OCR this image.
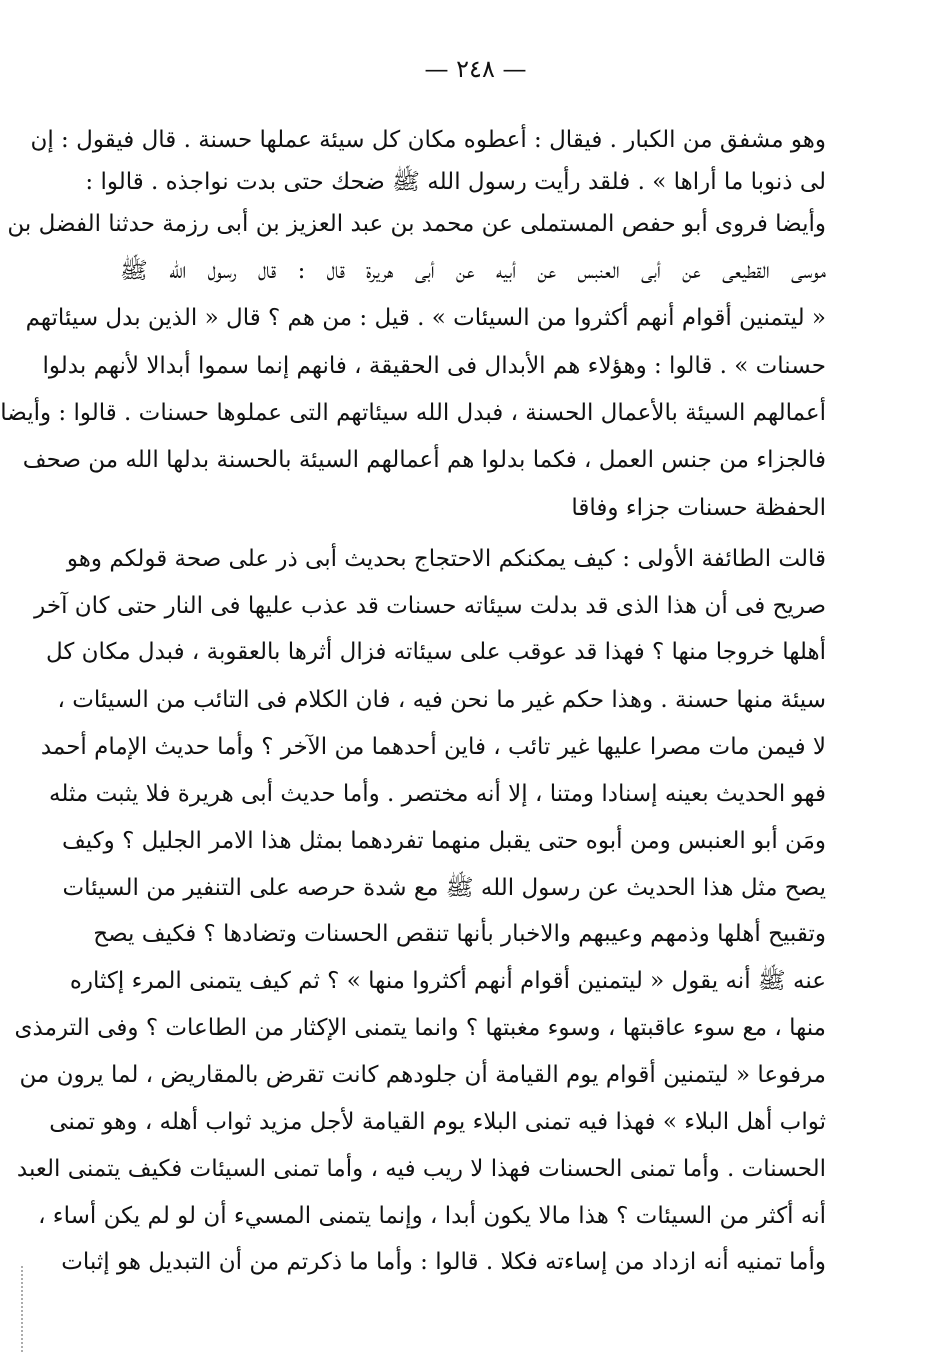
— ٢٤٨ —
وهو مشفق من الكبار . فيقال : أعطوه مكان كل سيئة عملها حسنة . قال فيقول : إن
لى ذنوبا ما أراها » . فلقد رأيت رسول الله ﷺ ضحك حتى بدت نواجذه . قالوا :
وأيضا فروى أبو حفص المستملى عن محمد بن عبد العزيز بن أبى رزمة حدثنا الفضل بن
موسى القطيعى عن أبى العنبس عن أبيه عن أبى هريرة قال : قال رسول الله ﷺ
« ليتمنين أقوام أنهم أكثروا من السيئات » . قيل : من هم ؟ قال « الذين بدل سيئاتهم
حسنات » . قالوا : وهؤلاء هم الأبدال فى الحقيقة ، فانهم إنما سموا أبدالا لأنهم بدلوا
أعمالهم السيئة بالأعمال الحسنة ، فبدل الله سيئاتهم التى عملوها حسنات . قالوا : وأيضا
فالجزاء من جنس العمل ، فكما بدلوا هم أعمالهم السيئة بالحسنة بدلها الله من صحف
الحفظة حسنات جزاء وفاقا
قالت الطائفة الأولى : كيف يمكنكم الاحتجاج بحديث أبى ذر على صحة قولكم وهو
صريح فى أن هذا الذى قد بدلت سيئاته حسنات قد عذب عليها فى النار حتى كان آخر
أهلها خروجا منها ؟ فهذا قد عوقب على سيئاته فزال أثرها بالعقوبة ، فبدل مكان كل
سيئة منها حسنة . وهذا حكم غير ما نحن فيه ، فان الكلام فى التائب من السيئات ،
لا فيمن مات مصرا عليها غير تائب ، فاين أحدهما من الآخر ؟ وأما حديث الإمام أحمد
فهو الحديث بعينه إسنادا ومتنا ، إلا أنه مختصر . وأما حديث أبى هريرة فلا يثبت مثله
ومَن أبو العنبس ومن أبوه حتى يقبل منهما تفردهما بمثل هذا الامر الجليل ؟ وكيف
يصح مثل هذا الحديث عن رسول الله ﷺ مع شدة حرصه على التنفير من السيئات
وتقبيح أهلها وذمهم وعيبهم والاخبار بأنها تنقص الحسنات وتضادها ؟ فكيف يصح
عنه ﷺ أنه يقول « ليتمنين أقوام أنهم أكثروا منها » ؟ ثم كيف يتمنى المرء إكثاره
منها ، مع سوء عاقبتها ، وسوء مغبتها ؟ وانما يتمنى الإكثار من الطاعات ؟ وفى الترمذى
مرفوعا « ليتمنين أقوام يوم القيامة أن جلودهم كانت تقرض بالمقاريض ، لما يرون من
ثواب أهل البلاء » فهذا فيه تمنى البلاء يوم القيامة لأجل مزيد ثواب أهله ، وهو تمنى
الحسنات . وأما تمنى الحسنات فهذا لا ريب فيه ، وأما تمنى السيئات فكيف يتمنى العبد
أنه أكثر من السيئات ؟ هذا مالا يكون أبدا ، وإنما يتمنى المسيء أن لو لم يكن أساء ،
وأما تمنيه أنه ازداد من إساءته فكلا . قالوا : وأما ما ذكرتم من أن التبديل هو إثبات
